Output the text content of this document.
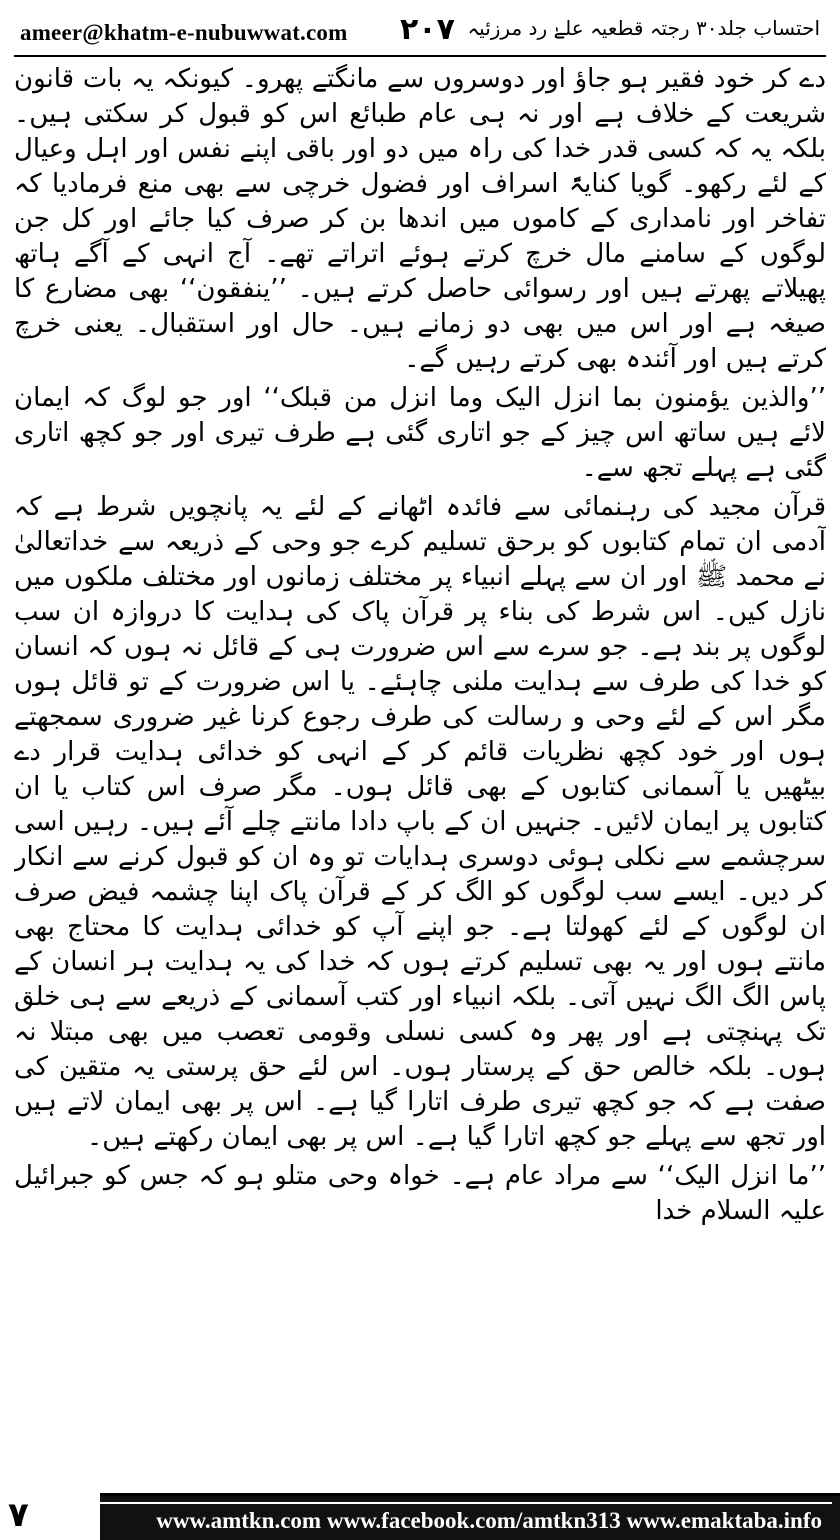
ameer@khatm-e-nubuwwat.com ۲۰۷ احتساب جلد۳۰ رجتہ قطعیہ علےٰ رد مرزئیہ

دے کر خود فقیر ہو جاؤ اور دوسروں سے مانگتے پھرو۔ کیونکہ یہ بات قانون شریعت کے خلاف ہے اور نہ ہی عام طبائع اس کو قبول کر سکتی ہیں۔ بلکہ یہ کہ کسی قدر خدا کی راہ میں دو اور باقی اپنے نفس اور اہل وعیال کے لئے رکھو۔ گویا کنایۃً اسراف اور فضول خرچی سے بھی منع فرمادیا کہ تفاخر اور نامداری کے کاموں میں اندھا بن کر صرف کیا جائے اور کل جن لوگوں کے سامنے مال خرچ کرتے ہوئے اتراتے تھے۔ آج انہی کے آگے ہاتھ پھیلاتے پھرتے ہیں اور رسوائی حاصل کرتے ہیں۔ ’’ینفقون‘‘ بھی مضارع کا صیغہ ہے اور اس میں بھی دو زمانے ہیں۔ حال اور استقبال۔ یعنی خرچ کرتے ہیں اور آئندہ بھی کرتے رہیں گے۔

’’والذین یؤمنون بما انزل الیک وما انزل من قبلک‘‘ اور جو لوگ کہ ایمان لائے ہیں ساتھ اس چیز کے جو اتاری گئی ہے طرف تیری اور جو کچھ اتاری گئی ہے پہلے تجھ سے۔

قرآن مجید کی رہنمائی سے فائدہ اٹھانے کے لئے یہ پانچویں شرط ہے کہ آدمی ان تمام کتابوں کو برحق تسلیم کرے جو وحی کے ذریعہ سے خداتعالیٰ نے محمد ﷺ اور ان سے پہلے انبیاء پر مختلف زمانوں اور مختلف ملکوں میں نازل کیں۔ اس شرط کی بناء پر قرآن پاک کی ہدایت کا دروازہ ان سب لوگوں پر بند ہے۔ جو سرے سے اس ضرورت ہی کے قائل نہ ہوں کہ انسان کو خدا کی طرف سے ہدایت ملنی چاہئے۔ یا اس ضرورت کے تو قائل ہوں مگر اس کے لئے وحی و رسالت کی طرف رجوع کرنا غیر ضروری سمجھتے ہوں اور خود کچھ نظریات قائم کر کے انہی کو خدائی ہدایت قرار دے بیٹھیں یا آسمانی کتابوں کے بھی قائل ہوں۔ مگر صرف اس کتاب یا ان کتابوں پر ایمان لائیں۔ جنہیں ان کے باپ دادا مانتے چلے آئے ہیں۔ رہیں اسی سرچشمے سے نکلی ہوئی دوسری ہدایات تو وہ ان کو قبول کرنے سے انکار کر دیں۔ ایسے سب لوگوں کو الگ کر کے قرآن پاک اپنا چشمہ فیض صرف ان لوگوں کے لئے کھولتا ہے۔ جو اپنے آپ کو خدائی ہدایت کا محتاج بھی مانتے ہوں اور یہ بھی تسلیم کرتے ہوں کہ خدا کی یہ ہدایت ہر انسان کے پاس الگ الگ نہیں آتی۔ بلکہ انبیاء اور کتب آسمانی کے ذریعے سے ہی خلق تک پہنچتی ہے اور پھر وہ کسی نسلی وقومی تعصب میں بھی مبتلا نہ ہوں۔ بلکہ خالص حق کے پرستار ہوں۔ اس لئے حق پرستی یہ متقین کی صفت ہے کہ جو کچھ تیری طرف اتارا گیا ہے۔ اس پر بھی ایمان لاتے ہیں اور تجھ سے پہلے جو کچھ اتارا گیا ہے۔ اس پر بھی ایمان رکھتے ہیں۔

’’ما انزل الیک‘‘ سے مراد عام ہے۔ خواہ وحی متلو ہو کہ جس کو جبرائیل علیہ السلام خدا

۷	www.amtkn.com www.facebook.com/amtkn313 www.emaktaba.info
